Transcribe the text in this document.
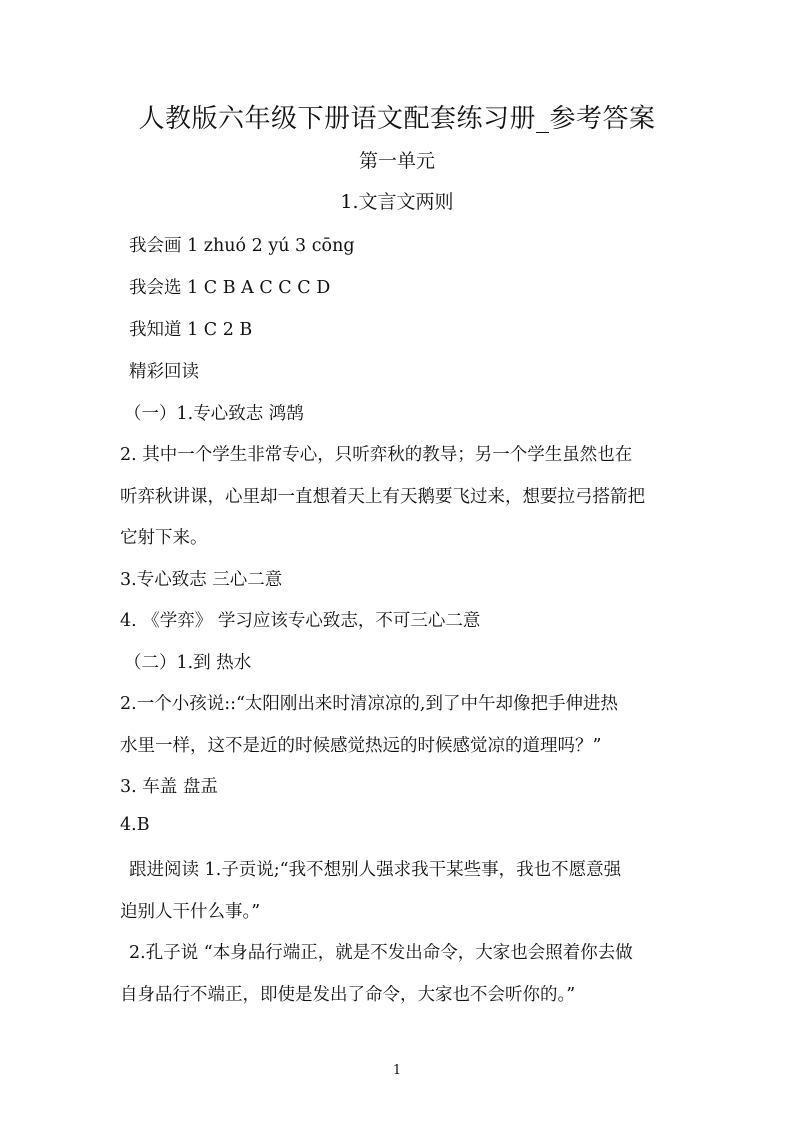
人教版六年级下册语文配套练习册_参考答案
第一单元
1.文言文两则

我会画 1 zhuó 2 yú 3 cōng

我会选 1 C B A C C C D

我知道 1 C 2 B

精彩回读

（一）1.专心致志 鸿鹄

2. 其中一个学生非常专心，只听弈秋的教导；另一个学生虽然也在

听弈秋讲课，心里却一直想着天上有天鹅要飞过来，想要拉弓搭箭把

它射下来。

3.专心致志 三心二意

4. 《学弈》 学习应该专心致志，不可三心二意

（二）1.到 热水

2.一个小孩说::“太阳刚出来时清凉凉的,到了中午却像把手伸进热

水里一样，这不是近的时候感觉热远的时候感觉凉的道理吗？”

3. 车盖 盘盂

4.B

跟进阅读 1.子贡说;“我不想别人强求我干某些事，我也不愿意强

迫别人干什么事。”

2.孔子说 “本身品行端正，就是不发出命令，大家也会照着你去做

自身品行不端正，即使是发出了命令，大家也不会听你的。”

1
